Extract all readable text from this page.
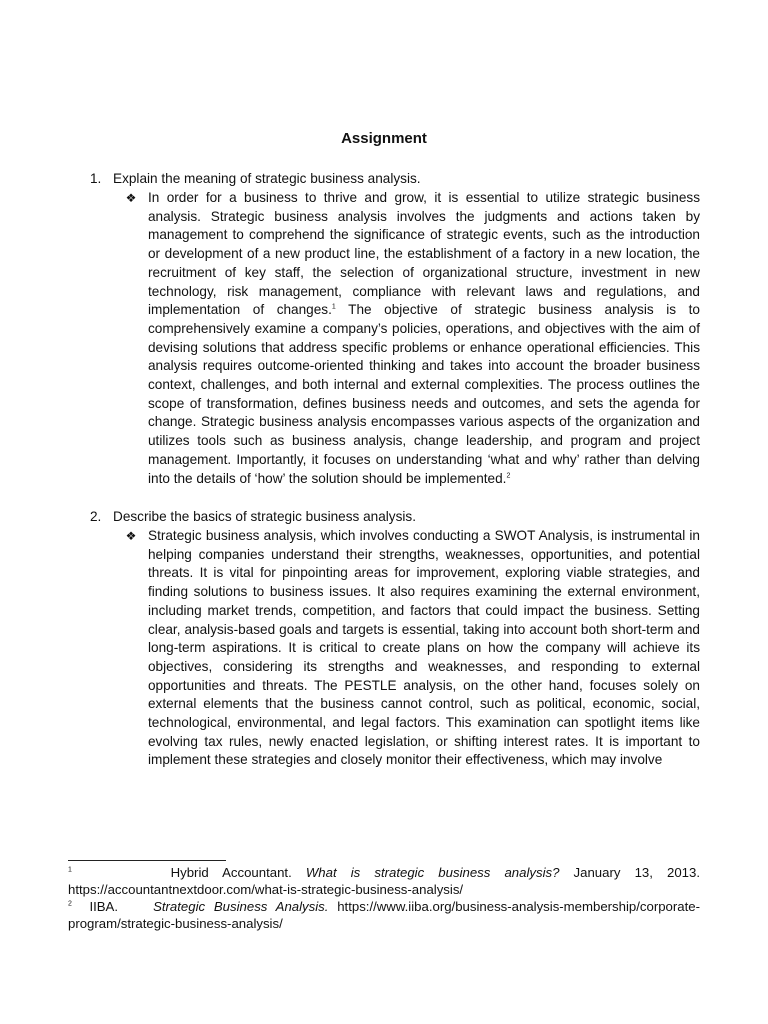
Assignment
1. Explain the meaning of strategic business analysis.
❖ In order for a business to thrive and grow, it is essential to utilize strategic business analysis. Strategic business analysis involves the judgments and actions taken by management to comprehend the significance of strategic events, such as the introduction or development of a new product line, the establishment of a factory in a new location, the recruitment of key staff, the selection of organizational structure, investment in new technology, risk management, compliance with relevant laws and regulations, and implementation of changes.$^1$ The objective of strategic business analysis is to comprehensively examine a company’s policies, operations, and objectives with the aim of devising solutions that address specific problems or enhance operational efficiencies. This analysis requires outcome-oriented thinking and takes into account the broader business context, challenges, and both internal and external complexities. The process outlines the scope of transformation, defines business needs and outcomes, and sets the agenda for change. Strategic business analysis encompasses various aspects of the organization and utilizes tools such as business analysis, change leadership, and program and project management. Importantly, it focuses on understanding ‘what and why’ rather than delving into the details of ‘how’ the solution should be implemented.$^2$

2. Describe the basics of strategic business analysis.
❖ Strategic business analysis, which involves conducting a SWOT Analysis, is instrumental in helping companies understand their strengths, weaknesses, opportunities, and potential threats. It is vital for pinpointing areas for improvement, exploring viable strategies, and finding solutions to business issues. It also requires examining the external environment, including market trends, competition, and factors that could impact the business. Setting clear, analysis-based goals and targets is essential, taking into account both short-term and long-term aspirations. It is critical to create plans on how the company will achieve its objectives, considering its strengths and weaknesses, and responding to external opportunities and threats. The PESTLE analysis, on the other hand, focuses solely on external elements that the business cannot control, such as political, economic, social, technological, environmental, and legal factors. This examination can spotlight items like evolving tax rules, newly enacted legislation, or shifting interest rates. It is important to implement these strategies and closely monitor their effectiveness, which may involve

$^1$	Hybrid Accountant. What is strategic business analysis? January 13, 2013. https://accountantnextdoor.com/what-is-strategic-business-analysis/

$^2$ IIBA.	Strategic Business Analysis. https://www.iiba.org/business-analysis-membership/corporate-program/strategic-business-analysis/
